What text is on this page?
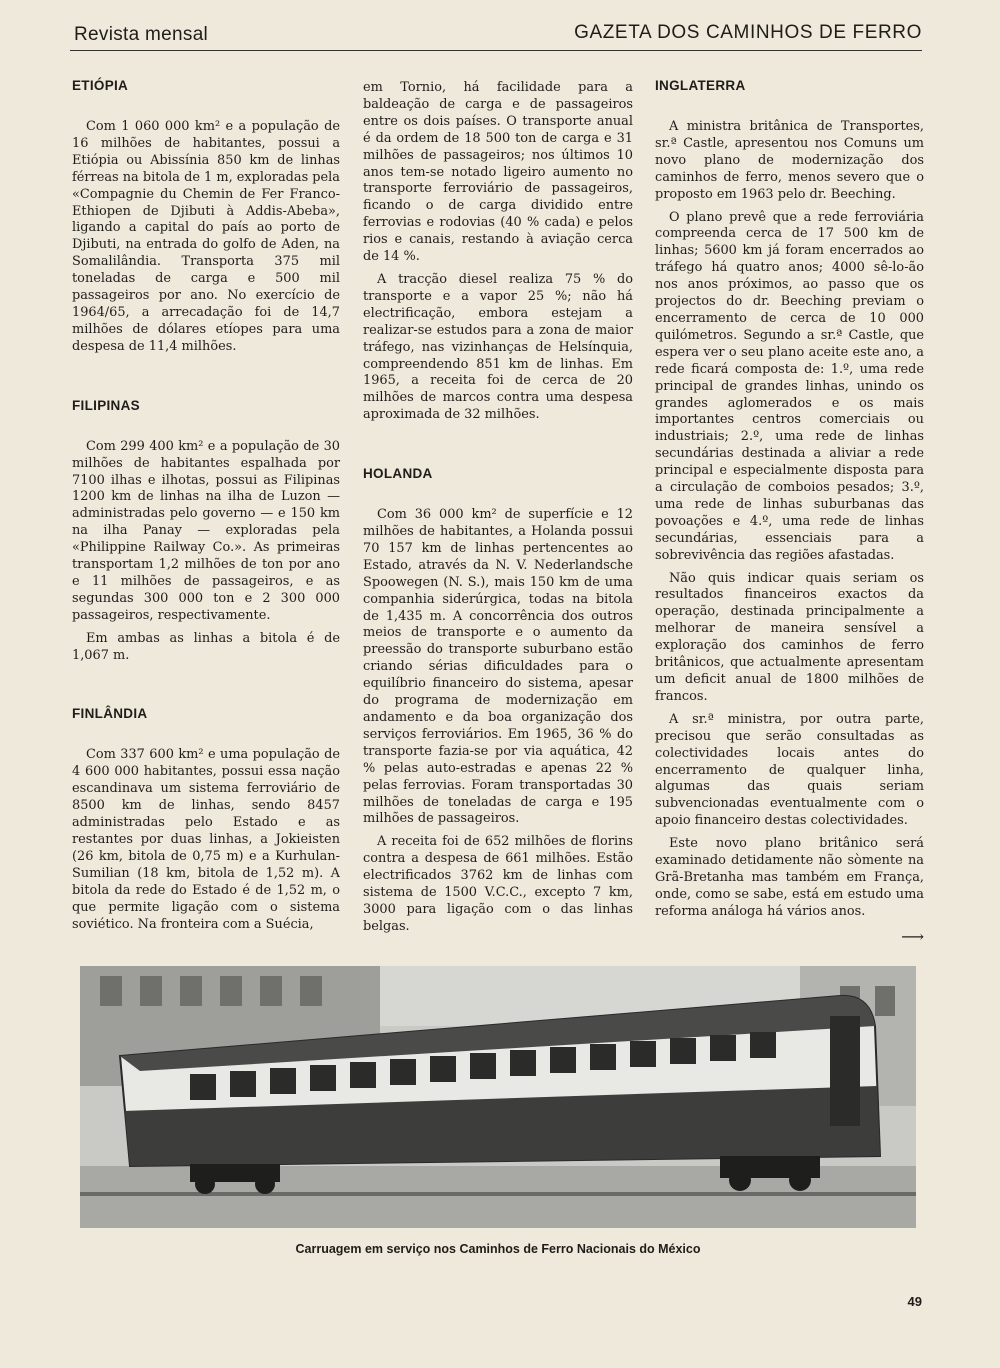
Revista mensal	GAZETA DOS CAMINHOS DE FERRO
ETIÓPIA

Com 1 060 000 km² e a população de 16 milhões de habitantes, possui a Etiópia ou Abissínia 850 km de linhas férreas na bitola de 1 m, exploradas pela «Compagnie du Chemin de Fer Franco-Ethiopen de Djibuti à Addis-Abeba», ligando a capital do país ao porto de Djibuti, na entrada do golfo de Aden, na Somalilândia. Transporta 375 mil toneladas de carga e 500 mil passageiros por ano. No exercício de 1964/65, a arrecadação foi de 14,7 milhões de dólares etíopes para uma despesa de 11,4 milhões.

FILIPINAS

Com 299 400 km² e a população de 30 milhões de habitantes espalhada por 7100 ilhas e ilhotas, possui as Filipinas 1200 km de linhas na ilha de Luzon — administradas pelo governo — e 150 km na ilha Panay — exploradas pela «Philippine Railway Co.». As primeiras transportam 1,2 milhões de ton por ano e 11 milhões de passageiros, e as segundas 300 000 ton e 2 300 000 passageiros, respectivamente.

Em ambas as linhas a bitola é de 1,067 m.

FINLÂNDIA

Com 337 600 km² e uma população de 4 600 000 habitantes, possui essa nação escandinava um sistema ferroviário de 8500 km de linhas, sendo 8457 administradas pelo Estado e as restantes por duas linhas, a Jokieisten (26 km, bitola de 0,75 m) e a Kurhulan-Sumilian (18 km, bitola de 1,52 m). A bitola da rede do Estado é de 1,52 m, o que permite ligação com o sistema soviético. Na fronteira com a Suécia,

em Tornio, há facilidade para a baldeação de carga e de passageiros entre os dois países. O transporte anual é da ordem de 18 500 ton de carga e 31 milhões de passageiros; nos últimos 10 anos tem-se notado ligeiro aumento no transporte ferroviário de passageiros, ficando o de carga dividido entre ferrovias e rodovias (40 % cada) e pelos rios e canais, restando à aviação cerca de 14 %.

A tracção diesel realiza 75 % do transporte e a vapor 25 %; não há electrificação, embora estejam a realizar-se estudos para a zona de maior tráfego, nas vizinhanças de Helsínquia, compreendendo 851 km de linhas. Em 1965, a receita foi de cerca de 20 milhões de marcos contra uma despesa aproximada de 32 milhões.

HOLANDA

Com 36 000 km² de superfície e 12 milhões de habitantes, a Holanda possui 70 157 km de linhas pertencentes ao Estado, através da N. V. Nederlandsche Spoowegen (N. S.), mais 150 km de uma companhia siderúrgica, todas na bitola de 1,435 m. A concorrência dos outros meios de transporte e o aumento da preessão do transporte suburbano estão criando sérias dificuldades para o equilíbrio financeiro do sistema, apesar do programa de modernização em andamento e da boa organização dos serviços ferroviários. Em 1965, 36 % do transporte fazia-se por via aquática, 42 % pelas auto-estradas e apenas 22 % pelas ferrovias. Foram transportadas 30 milhões de toneladas de carga e 195 milhões de passageiros.

A receita foi de 652 milhões de florins contra a despesa de 661 milhões. Estão electrificados 3762 km de linhas com sistema de 1500 V.C.C., excepto 7 km, 3000 para ligação com o das linhas belgas.

INGLATERRA

A ministra britânica de Transportes, sr.ª Castle, apresentou nos Comuns um novo plano de modernização dos caminhos de ferro, menos severo que o proposto em 1963 pelo dr. Beeching.

O plano prevê que a rede ferroviária compreenda cerca de 17 500 km de linhas; 5600 km já foram encerrados ao tráfego há quatro anos; 4000 sê-lo-ão nos anos próximos, ao passo que os projectos do dr. Beeching previam o encerramento de cerca de 10 000 quilómetros. Segundo a sr.ª Castle, que espera ver o seu plano aceite este ano, a rede ficará composta de: 1.º, uma rede principal de grandes linhas, unindo os grandes aglomerados e os mais importantes centros comerciais ou industriais; 2.º, uma rede de linhas secundárias destinada a aliviar a rede principal e especialmente disposta para a circulação de comboios pesados; 3.º, uma rede de linhas suburbanas das povoações e 4.º, uma rede de linhas secundárias, essenciais para a sobrevivência das regiões afastadas.

Não quis indicar quais seriam os resultados financeiros exactos da operação, destinada principalmente a melhorar de maneira sensível a exploração dos caminhos de ferro britânicos, que actualmente apresentam um deficit anual de 1800 milhões de francos.

A sr.ª ministra, por outra parte, precisou que serão consultadas as colectividades locais antes do encerramento de qualquer linha, algumas das quais seriam subvencionadas eventualmente com o apoio financeiro destas colectividades.

Este novo plano britânico será examinado detidamente não sòmente na Grã-Bretanha mas também em França, onde, como se sabe, está em estudo uma reforma análoga há vários anos.

⟶
Carruagem em serviço nos Caminhos de Ferro Nacionais do México
49
